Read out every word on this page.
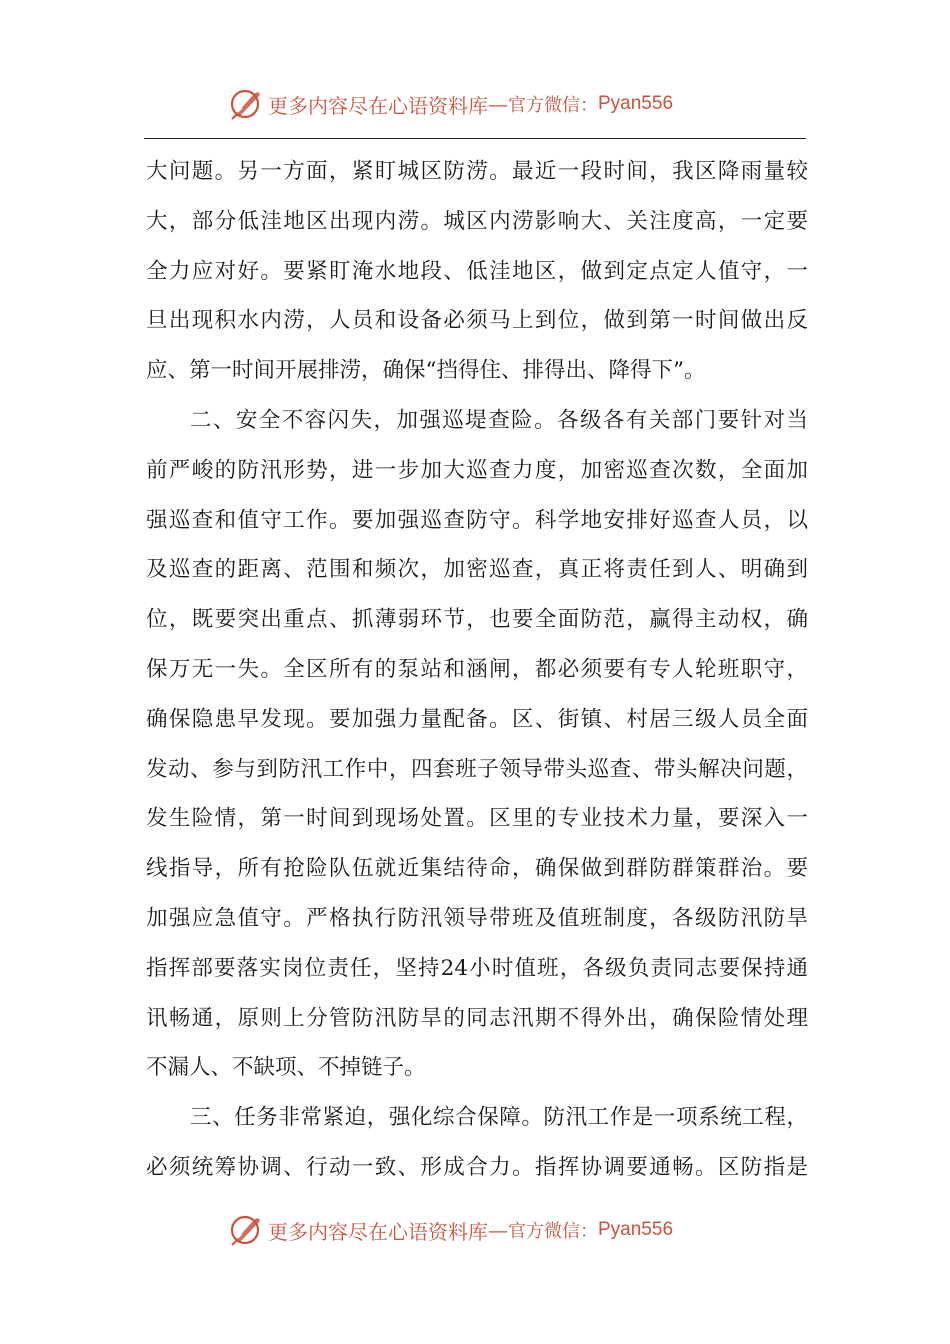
更多内容尽在心语资料库 — 官方微信： Pyan556
大问题。另一方面，紧盯城区防涝。最近一段时间，我区降雨量较
大，部分低洼地区出现内涝。城区内涝影响大、关注度高，一定要
全力应对好。要紧盯淹水地段、低洼地区，做到定点定人值守，一
旦出现积水内涝，人员和设备必须马上到位，做到第一时间做出反
应、第一时间开展排涝，确保“挡得住、排得出、降得下”。
二、安全不容闪失，加强巡堤查险。各级各有关部门要针对当
前严峻的防汛形势，进一步加大巡查力度，加密巡查次数，全面加
强巡查和值守工作。要加强巡查防守。科学地安排好巡查人员，以
及巡查的距离、范围和频次，加密巡查，真正将责任到人、明确到
位，既要突出重点、抓薄弱环节，也要全面防范，赢得主动权，确
保万无一失。全区所有的泵站和涵闸，都必须要有专人轮班职守，
确保隐患早发现。要加强力量配备。区、街镇、村居三级人员全面
发动、参与到防汛工作中，四套班子领导带头巡查、带头解决问题，
发生险情，第一时间到现场处置。区里的专业技术力量，要深入一
线指导，所有抢险队伍就近集结待命，确保做到群防群策群治。要
加强应急值守。严格执行防汛领导带班及值班制度，各级防汛防旱
指挥部要落实岗位责任，坚持24小时值班，各级负责同志要保持通
讯畅通，原则上分管防汛防旱的同志汛期不得外出，确保险情处理
不漏人、不缺项、不掉链子。
三、任务非常紧迫，强化综合保障。防汛工作是一项系统工程，
必须统筹协调、行动一致、形成合力。指挥协调要通畅。区防指是
更多内容尽在心语资料库 — 官方微信： Pyan556
